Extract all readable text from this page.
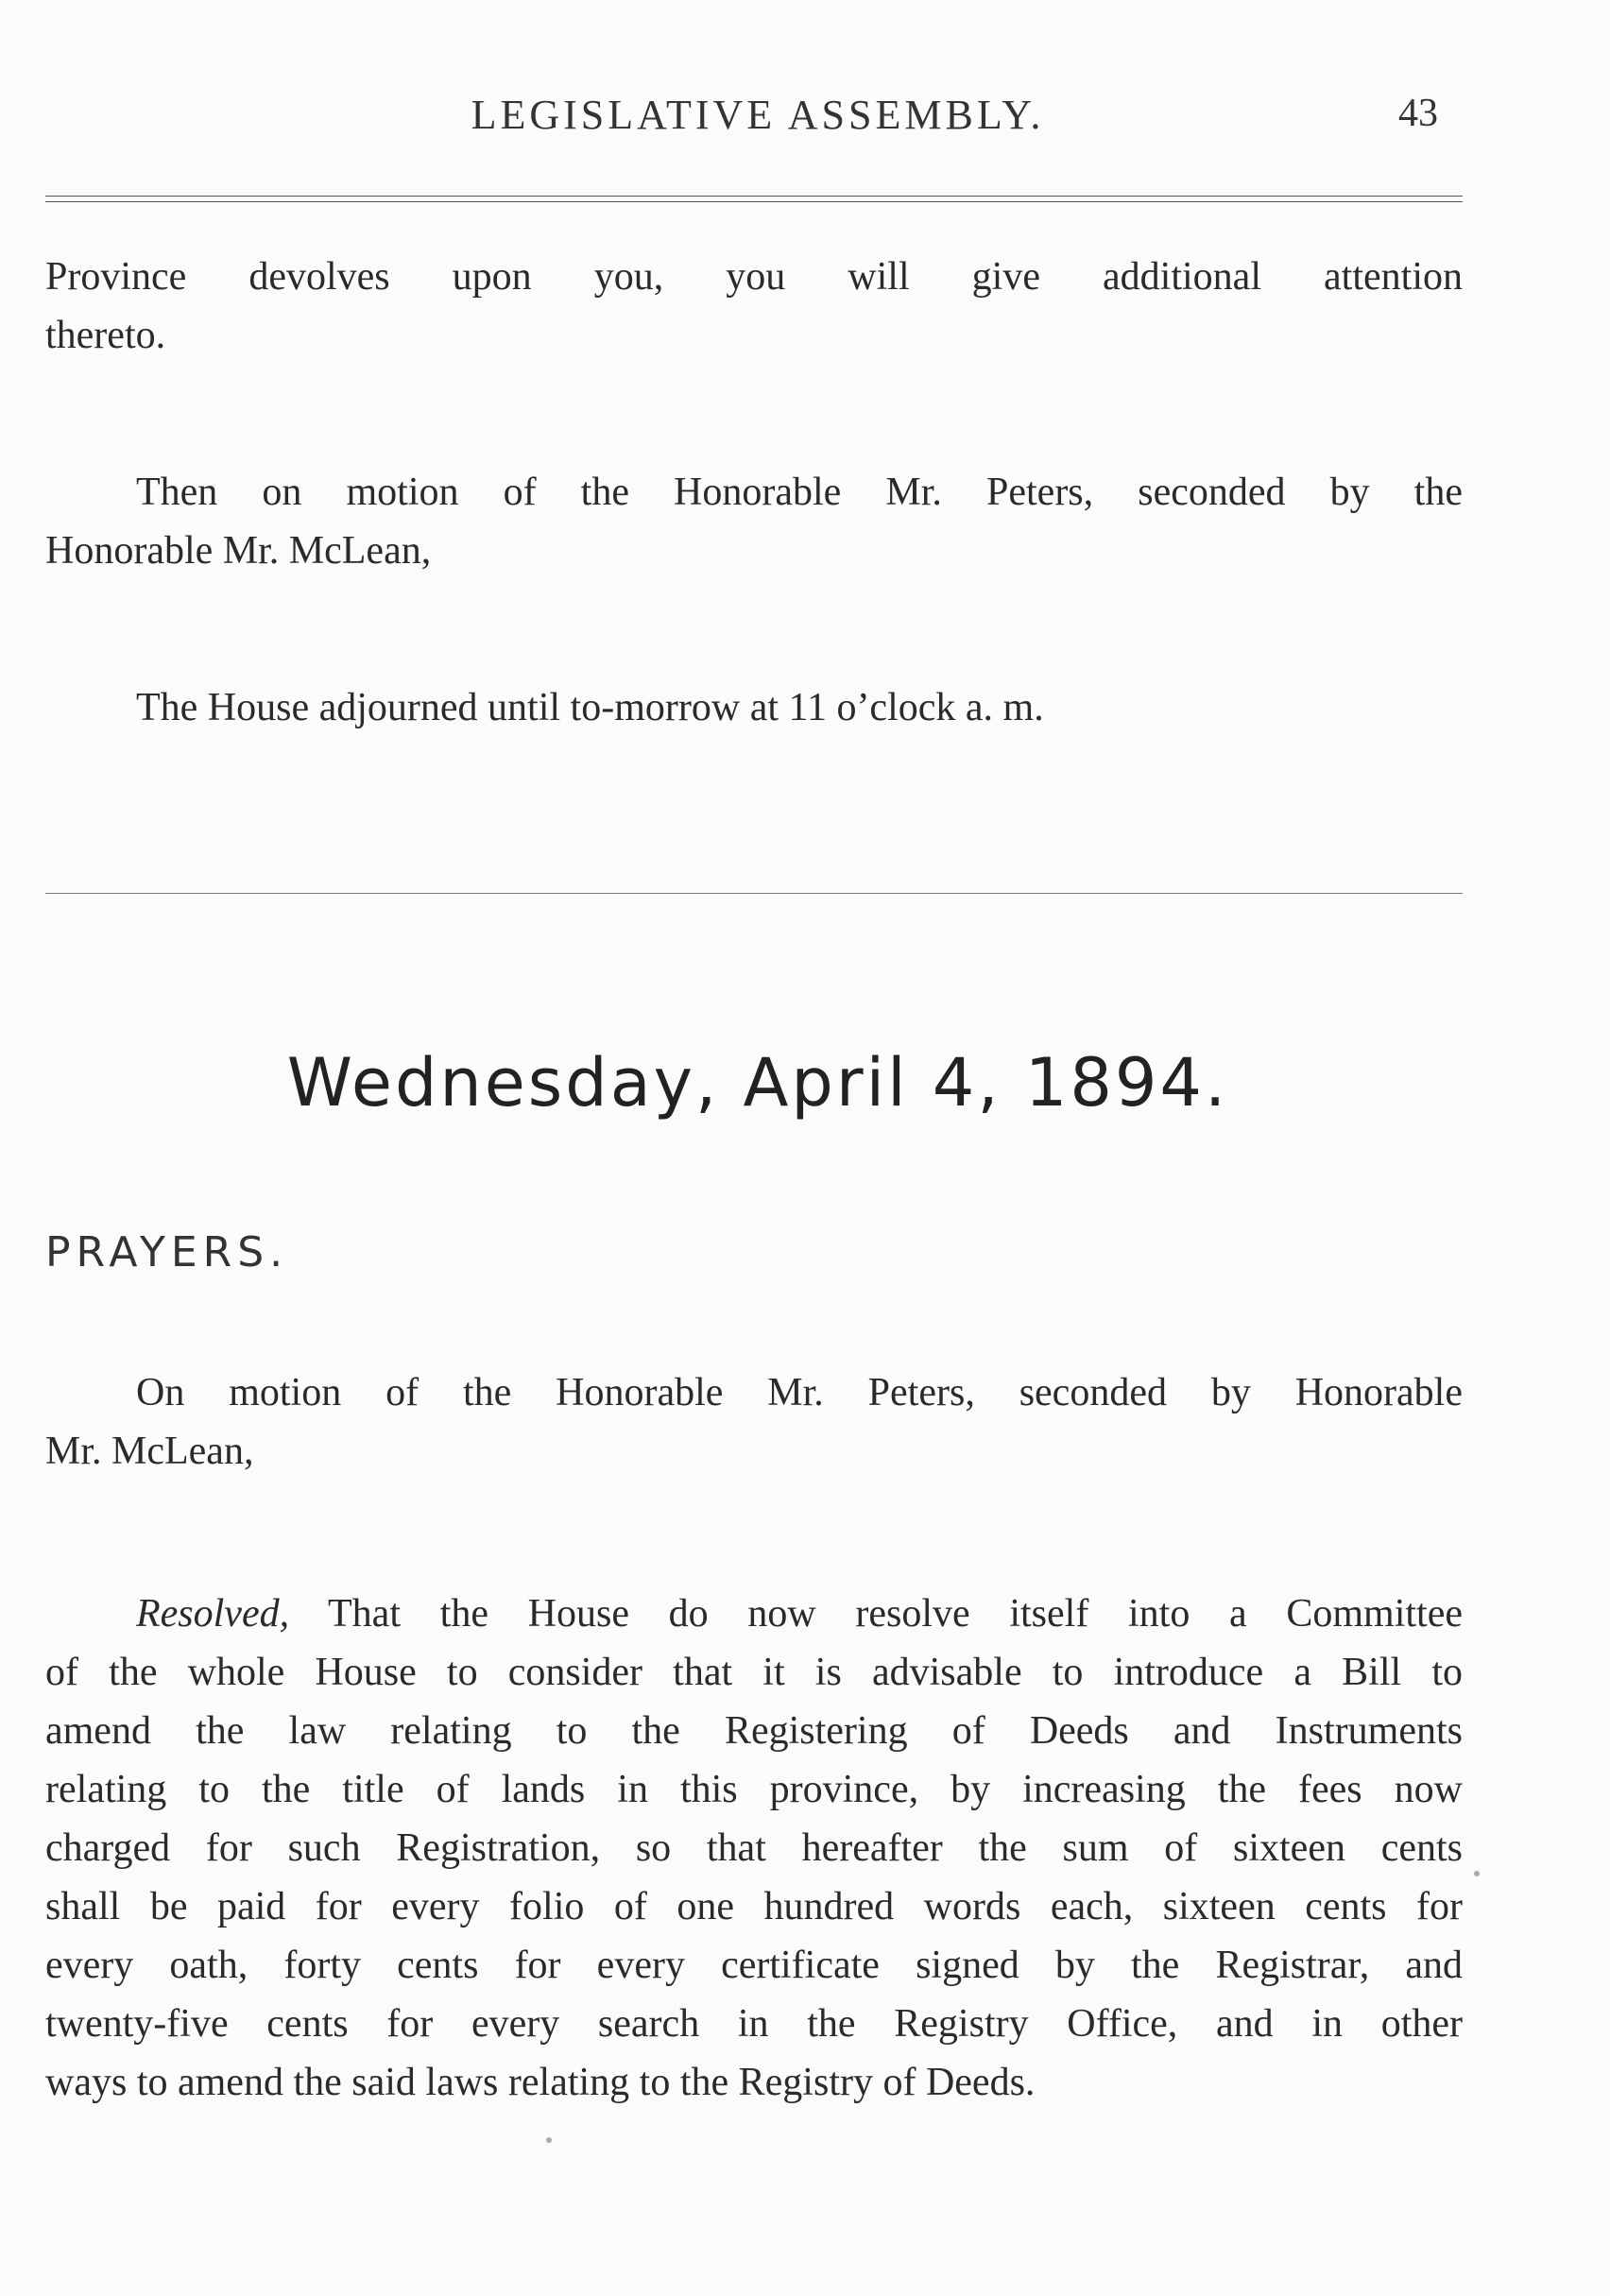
LEGISLATIVE ASSEMBLY.	43

Province devolves upon you, you will give additional attention
thereto.

Then on motion of the Honorable Mr. Peters, seconded by the
Honorable Mr. McLean,

The House adjourned until to-morrow at 11 o’clock a. m.

Wednesday, April 4, 1894.
PRAYERS.

On motion of the Honorable Mr. Peters, seconded by Honorable
Mr. McLean,

Resolved, That the House do now resolve itself into a Committee
of the whole House to consider that it is advisable to introduce a Bill to
amend the law relating to the Registering of Deeds and Instruments
relating to the title of lands in this province, by increasing the fees now
charged for such Registration, so that hereafter the sum of sixteen cents
shall be paid for every folio of one hundred words each, sixteen cents for
every oath, forty cents for every certificate signed by the Registrar, and
twenty-five cents for every search in the Registry Office, and in other
ways to amend the said laws relating to the Registry of Deeds.
